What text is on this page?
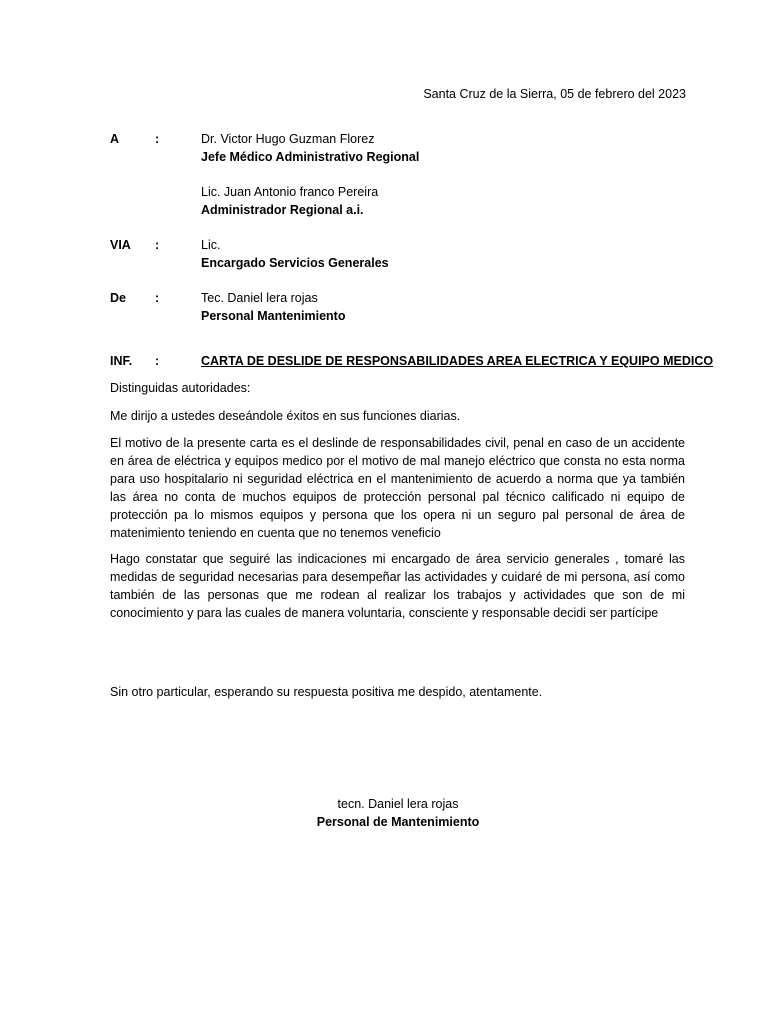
Santa Cruz de la Sierra, 05 de febrero del 2023
A	:	Dr. Victor Hugo Guzman Florez
Jefe Médico Administrativo Regional
Lic. Juan Antonio franco Pereira
Administrador Regional a.i.
VIA :	Lic.
Encargado Servicios Generales
De :	Tec. Daniel lera rojas
Personal Mantenimiento
INF. :	CARTA DE DESLIDE DE RESPONSABILIDADES AREA ELECTRICA Y EQUIPO MEDICO

Distinguidas autoridades:

Me dirijo a ustedes deseándole éxitos en sus funciones diarias.

El motivo de la presente carta es el deslinde de responsabilidades civil, penal en caso de un accidente en área de eléctrica y equipos medico por el motivo de mal manejo eléctrico que consta no esta norma para uso hospitalario ni seguridad eléctrica en el mantenimiento de acuerdo a norma que ya también las área no conta de muchos equipos de protección personal pal técnico calificado ni equipo de protección pa lo mismos equipos y persona que los opera ni un seguro pal personal de área de matenimiento teniendo en cuenta que no tenemos veneficio

Hago constatar que seguiré las indicaciones mi encargado de área servicio generales , tomaré las medidas de seguridad necesarias para desempeñar las actividades y cuidaré de mi persona, así como también de las personas que me rodean al realizar los trabajos y actividades que son de mi conocimiento y para las cuales de manera voluntaria, consciente y responsable decidi ser partícipe

Sin otro particular, esperando su respuesta positiva me despido, atentamente.
tecn. Daniel lera rojas
Personal de Mantenimiento
